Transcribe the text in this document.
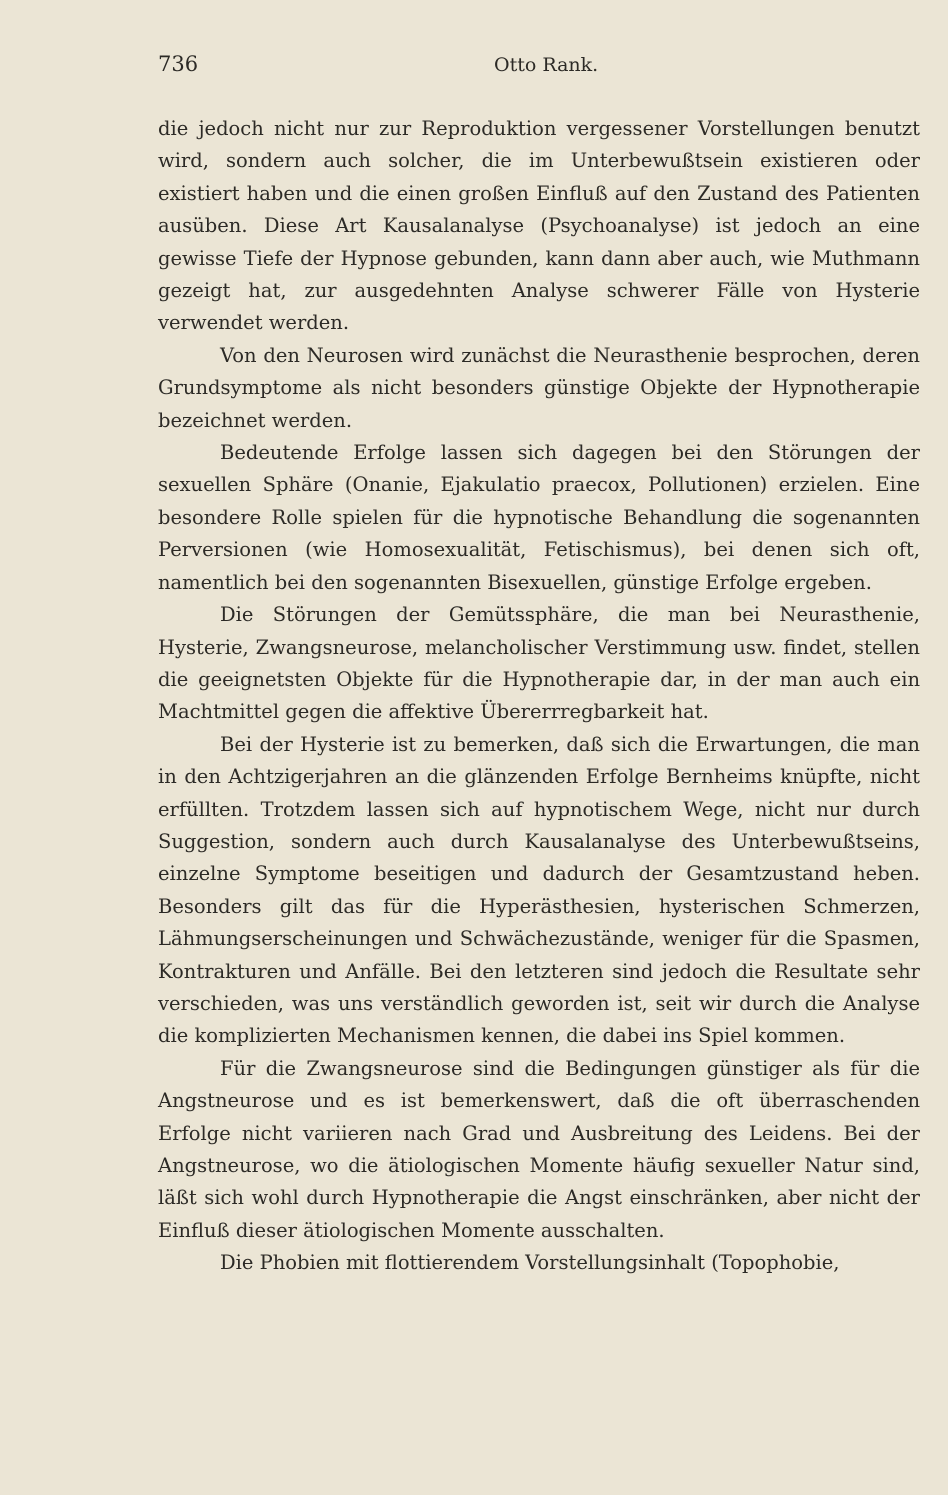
736	Otto Rank.

die jedoch nicht nur zur Reproduktion vergessener Vorstellungen benutzt wird, sondern auch solcher, die im Unterbewußtsein existieren oder existiert haben und die einen großen Einfluß auf den Zustand des Patienten ausüben. Diese Art Kausalanalyse (Psychoanalyse) ist jedoch an eine gewisse Tiefe der Hypnose gebunden, kann dann aber auch, wie Muthmann gezeigt hat, zur ausgedehnten Analyse schwerer Fälle von Hysterie verwendet werden.

Von den Neurosen wird zunächst die Neurasthenie besprochen, deren Grundsymptome als nicht besonders günstige Objekte der Hypnotherapie bezeichnet werden.

Bedeutende Erfolge lassen sich dagegen bei den Störungen der sexuellen Sphäre (Onanie, Ejakulatio praecox, Pollutionen) erzielen. Eine besondere Rolle spielen für die hypnotische Behandlung die sogenannten Perversionen (wie Homosexualität, Fetischismus), bei denen sich oft, namentlich bei den sogenannten Bisexuellen, günstige Erfolge ergeben.

Die Störungen der Gemütssphäre, die man bei Neurasthenie, Hysterie, Zwangsneurose, melancholischer Verstimmung usw. findet, stellen die geeignetsten Objekte für die Hypnotherapie dar, in der man auch ein Machtmittel gegen die affektive Übererrregbarkeit hat.

Bei der Hysterie ist zu bemerken, daß sich die Erwartungen, die man in den Achtzigerjahren an die glänzenden Erfolge Bernheims knüpfte, nicht erfüllten. Trotzdem lassen sich auf hypnotischem Wege, nicht nur durch Suggestion, sondern auch durch Kausalanalyse des Unterbewußtseins, einzelne Symptome beseitigen und dadurch der Gesamtzustand heben. Besonders gilt das für die Hyperästhesien, hysterischen Schmerzen, Lähmungserscheinungen und Schwächezustände, weniger für die Spasmen, Kontrakturen und Anfälle. Bei den letzteren sind jedoch die Resultate sehr verschieden, was uns verständlich geworden ist, seit wir durch die Analyse die komplizierten Mechanismen kennen, die dabei ins Spiel kommen.

Für die Zwangsneurose sind die Bedingungen günstiger als für die Angstneurose und es ist bemerkenswert, daß die oft überraschenden Erfolge nicht variieren nach Grad und Ausbreitung des Leidens. Bei der Angstneurose, wo die ätiologischen Momente häufig sexueller Natur sind, läßt sich wohl durch Hypnotherapie die Angst einschränken, aber nicht der Einfluß dieser ätiologischen Momente ausschalten.

Die Phobien mit flottierendem Vorstellungsinhalt (Topophobie,
